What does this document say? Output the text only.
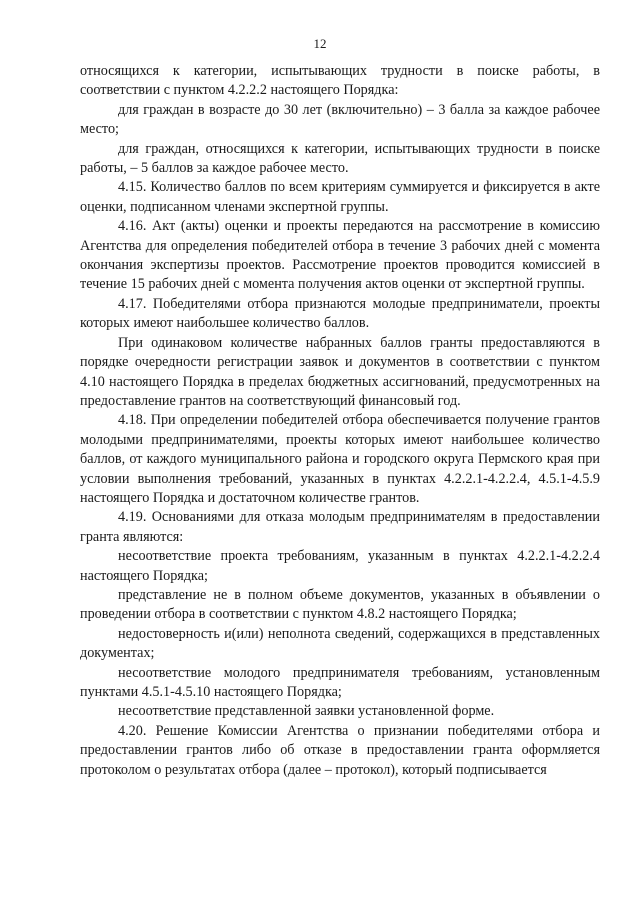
12

относящихся к категории, испытывающих трудности в поиске работы, в соответствии с пунктом 4.2.2.2 настоящего Порядка:

для граждан в возрасте до 30 лет (включительно) – 3 балла за каждое рабочее место;

для граждан, относящихся к категории, испытывающих трудности в поиске работы, – 5 баллов за каждое рабочее место.

4.15. Количество баллов по всем критериям суммируется и фиксируется в акте оценки, подписанном членами экспертной группы.

4.16. Акт (акты) оценки и проекты передаются на рассмотрение в комиссию Агентства для определения победителей отбора в течение 3 рабочих дней с момента окончания экспертизы проектов. Рассмотрение проектов проводится комиссией в течение 15 рабочих дней с момента получения актов оценки от экспертной группы.

4.17. Победителями отбора признаются молодые предприниматели, проекты которых имеют наибольшее количество баллов.

При одинаковом количестве набранных баллов гранты предоставляются в порядке очередности регистрации заявок и документов в соответствии с пунктом 4.10 настоящего Порядка в пределах бюджетных ассигнований, предусмотренных на предоставление грантов на соответствующий финансовый год.

4.18. При определении победителей отбора обеспечивается получение грантов молодыми предпринимателями, проекты которых имеют наибольшее количество баллов, от каждого муниципального района и городского округа Пермского края при условии выполнения требований, указанных в пунктах 4.2.2.1-4.2.2.4, 4.5.1-4.5.9 настоящего Порядка и достаточном количестве грантов.

4.19. Основаниями для отказа молодым предпринимателям в предоставлении гранта являются:

несоответствие проекта требованиям, указанным в пунктах 4.2.2.1-4.2.2.4 настоящего Порядка;

представление не в полном объеме документов, указанных в объявлении о проведении отбора в соответствии с пунктом 4.8.2 настоящего Порядка;

недостоверность и(или) неполнота сведений, содержащихся в представленных документах;

несоответствие молодого предпринимателя требованиям, установленным пунктами 4.5.1-4.5.10 настоящего Порядка;

несоответствие представленной заявки установленной форме.

4.20. Решение Комиссии Агентства о признании победителями отбора и предоставлении грантов либо об отказе в предоставлении гранта оформляется протоколом о результатах отбора (далее – протокол), который подписывается
